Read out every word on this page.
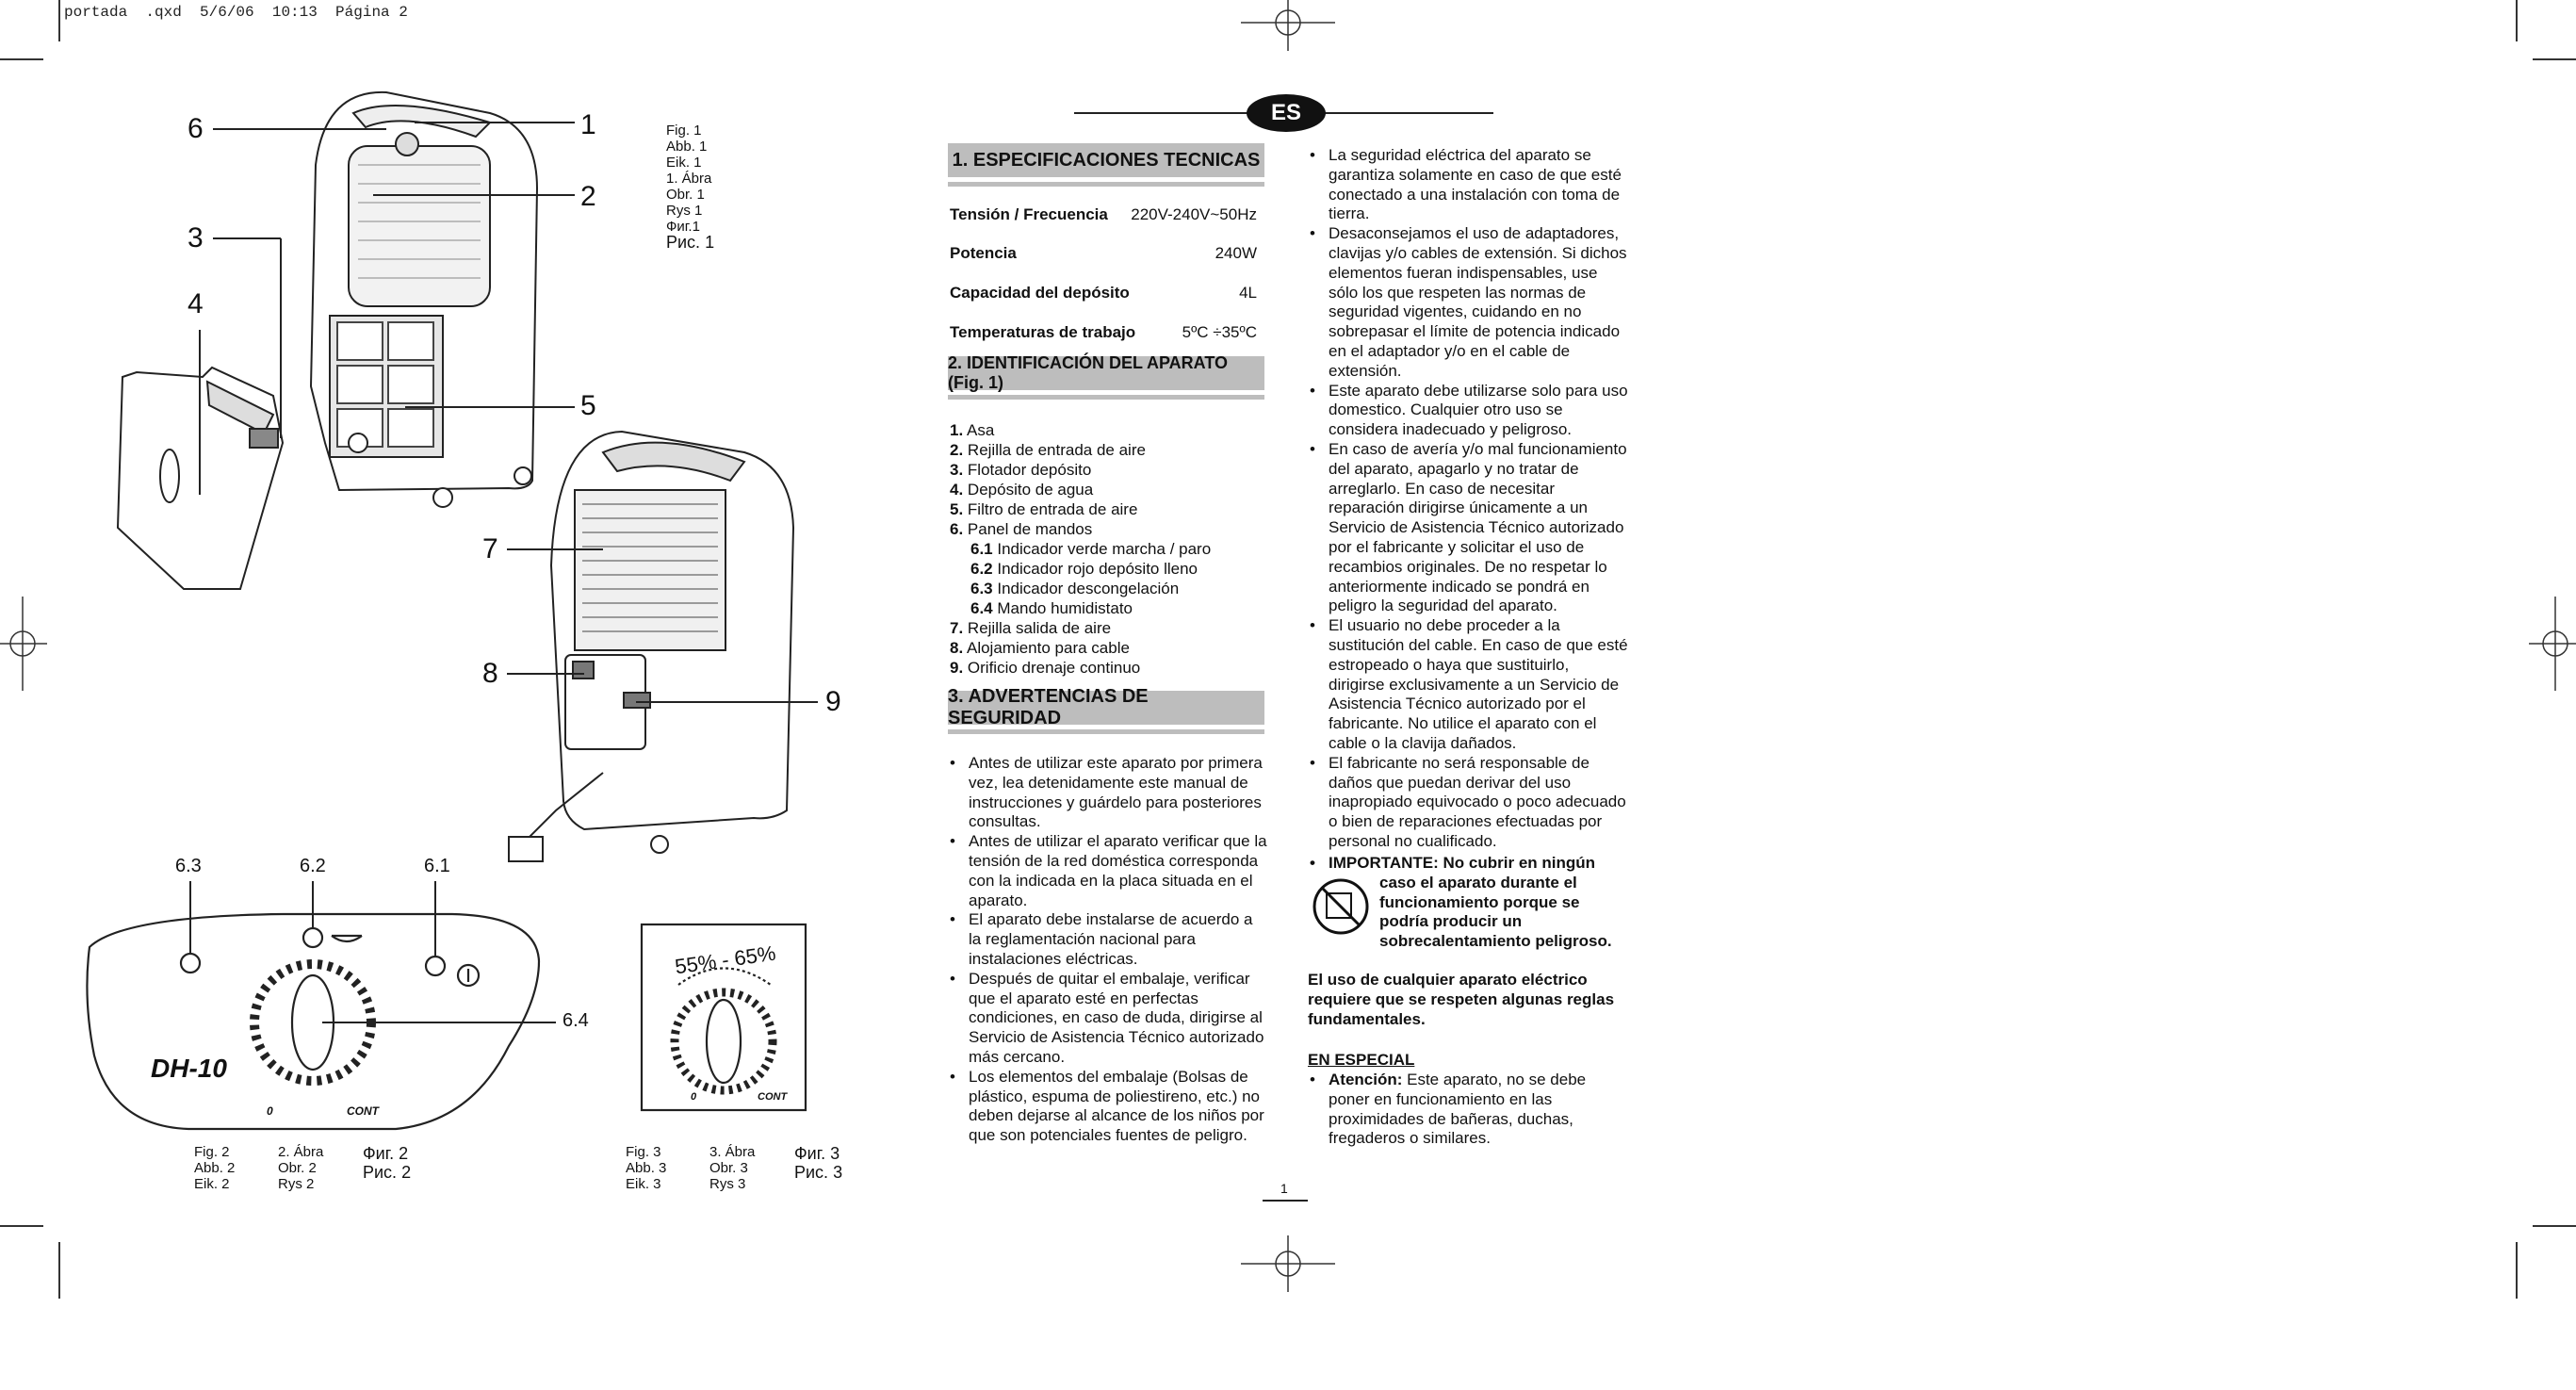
portada  .qxd  5/6/06  10:13  Página 2
6	1
2
3
4
5
7
8
9
Fig. 1
Abb. 1
Eik. 1
1. Ábra
Obr. 1
Rys 1
Фиг.1
Рис. 1
6.3	6.2	6.1
6.4
DH-10
0	CONT
55% - 65%
0	CONT
Fig. 2
Abb. 2
Eik. 2
2. Ábra
Obr. 2
Rys 2
Фиг. 2
Рис. 2
Fig. 3
Abb. 3
Eik. 3
3. Ábra
Obr. 3
Rys 3
Фиг. 3
Рис. 3
ES
1. ESPECIFICACIONES TECNICAS
Tensión / Frecuencia 220V-240V~50Hz
Potencia	240W
Capacidad del depósito	4L
Temperaturas de trabajo	5ºC ÷35ºC
2. IDENTIFICACIÓN DEL APARATO (Fig. 1)
1. Asa
2. Rejilla de entrada de aire
3. Flotador depósito
4. Depósito de agua
5. Filtro de entrada de aire
6. Panel de mandos
6.1 Indicador verde marcha / paro
6.2 Indicador rojo depósito lleno
6.3 Indicador descongelación
6.4 Mando humidistato
7. Rejilla salida de aire
8. Alojamiento para cable
9. Orificio drenaje continuo
3. ADVERTENCIAS DE SEGURIDAD
• Antes de utilizar este aparato por primera vez, lea detenidamente este manual de instrucciones y guárdelo para posteriores consultas.
• Antes de utilizar el aparato verificar que la tensión de la red doméstica corresponda con la indicada en la placa situada en el aparato.
• El aparato debe instalarse de acuerdo a la reglamentación nacional para instalaciones eléctricas.
• Después de quitar el embalaje, verificar que el aparato esté en perfectas condiciones, en caso de duda, dirigirse al Servicio de Asistencia Técnico autorizado más cercano.
• Los elementos del embalaje (Bolsas de plástico, espuma de poliestireno, etc.) no deben dejarse al alcance de los niños por que son potenciales fuentes de peligro.
• La seguridad eléctrica del aparato se garantiza solamente en caso de que esté conectado a una instalación con toma de tierra.
• Desaconsejamos el uso de adaptadores, clavijas y/o cables de extensión. Si dichos elementos fueran indispensables, use sólo los que respeten las normas de seguridad vigentes, cuidando en no sobrepasar el límite de potencia indicado en el adaptador y/o en el cable de extensión.
• Este aparato debe utilizarse solo para uso domestico. Cualquier otro uso se considera inadecuado y peligroso.
• En caso de avería y/o mal funcionamiento del aparato, apagarlo y no tratar de arreglarlo. En caso de necesitar reparación dirigirse únicamente a un Servicio de Asistencia Técnico autorizado por el fabricante y solicitar el uso de recambios originales. De no respetar lo anteriormente indicado se pondrá en peligro la seguridad del aparato.
• El usuario no debe proceder a la sustitución del cable. En caso de que esté estropeado o haya que sustituirlo, dirigirse exclusivamente a un Servicio de Asistencia Técnico autorizado por el fabricante. No utilice el aparato con el cable o la clavija dañados.
• El fabricante no será responsable de daños que puedan derivar del uso inapropiado equivocado o poco adecuado o bien de reparaciones efectuadas por personal no cualificado.
• IMPORTANTE: No cubrir en ningún
caso el aparato durante el
funcionamiento porque se
podría producir un
sobrecalentamiento peligroso.
El uso de cualquier aparato eléctrico
requiere que se respeten algunas reglas
fundamentales.
EN ESPECIAL
• Atención: Este aparato, no se debe
poner en funcionamiento en las
proximidades de bañeras, duchas,
fregaderos o similares.
1
